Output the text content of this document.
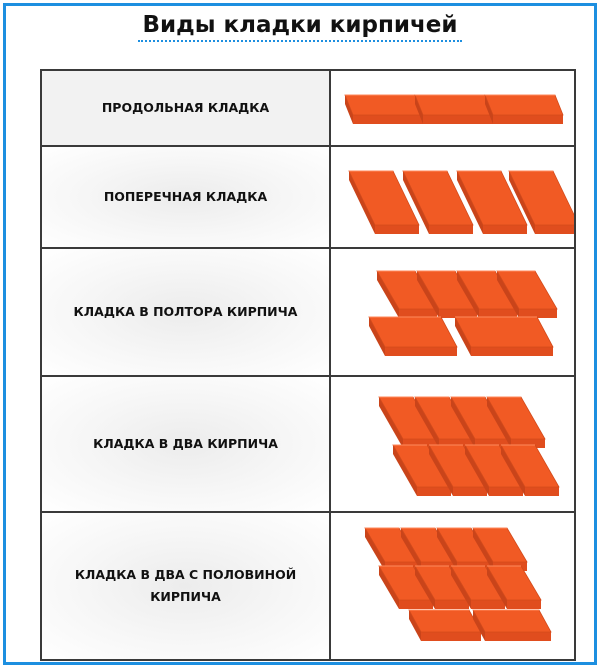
Виды кладки кирпичей
ПРОДОЛЬНАЯ КЛАДКА
ПОПЕРЕЧНАЯ КЛАДКА
КЛАДКА В ПОЛТОРА КИРПИЧА
КЛАДКА В ДВА КИРПИЧА
КЛАДКА В ДВА С ПОЛОВИНОЙ КИРПИЧА
